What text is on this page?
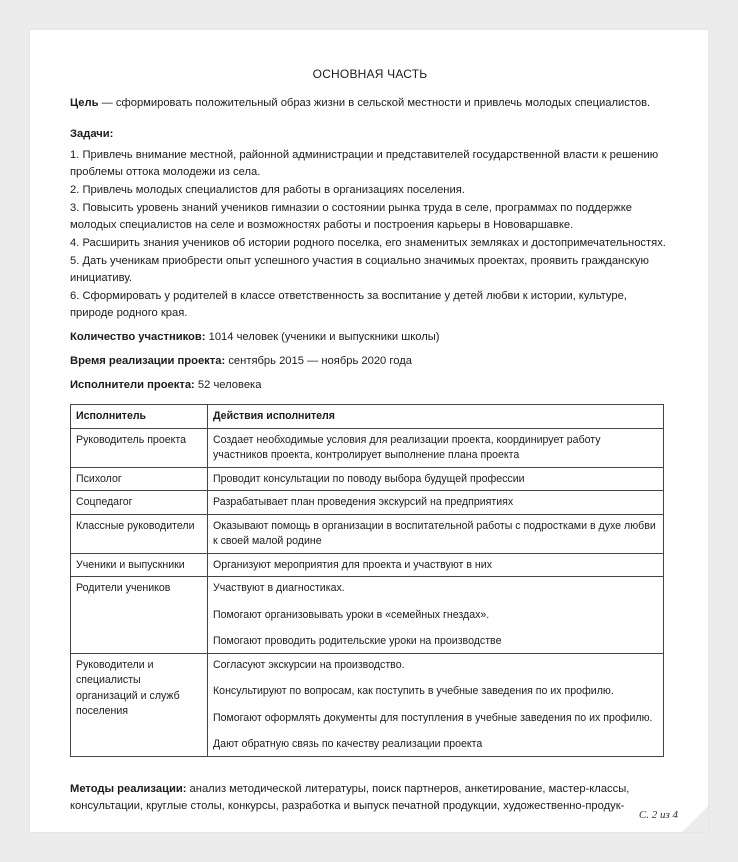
ОСНОВНАЯ ЧАСТЬ

Цель — сформировать положительный образ жизни в сельской местности и привлечь молодых специалистов.

Задачи:

1. Привлечь внимание местной, районной администрации и представителей государственной власти к решению проблемы оттока молодежи из села.

2. Привлечь молодых специалистов для работы в организациях поселения.

3. Повысить уровень знаний учеников гимназии о состоянии рынка труда в селе, программах по поддержке молодых специалистов на селе и возможностях работы и построения карьеры в Нововаршавке.

4. Расширить знания учеников об истории родного поселка, его знаменитых земляках и достопримечательностях.

5. Дать ученикам приобрести опыт успешного участия в социально значимых проектах, проявить гражданскую инициативу.

6. Сформировать у родителей в классе ответственность за воспитание у детей любви к истории, культуре, природе родного края.

Количество участников: 1014 человек (ученики и выпускники школы)

Время реализации проекта: сентябрь 2015 — ноябрь 2020 года

Исполнители проекта: 52 человека

Исполнитель	Действия исполнителя
Руководитель проекта	Создает необходимые условия для реализации проекта, координирует работу участников проекта, контролирует выполнение плана проекта

Психолог	Проводит консультации по поводу выбора будущей профессии

Соцпедагог	Разрабатывает план проведения экскурсий на предприятиях

Классные руководители	Оказывают помощь в организации в воспитательной работы с подростками в духе любви к своей малой родине

Ученики и выпускники	Организуют мероприятия для проекта и участвуют в них

Родители учеников	Участвуют в диагностиках.
Помогают организовывать уроки в «семейных гнездах».
Помогают проводить родительские уроки на производстве

Руководители и специалисты организаций и служб поселения	Согласуют экскурсии на производство.
Консультируют по вопросам, как поступить в учебные заведения по их профилю.
Помогают оформлять документы для поступления в учебные заведения по их профилю.
Дают обратную связь по качеству реализации проекта

Методы реализации: анализ методической литературы, поиск партнеров, анкетирование, мастер-классы, консультации, круглые столы, конкурсы, разработка и выпуск печатной продукции, художественно-продук-

С. 2 из 4
